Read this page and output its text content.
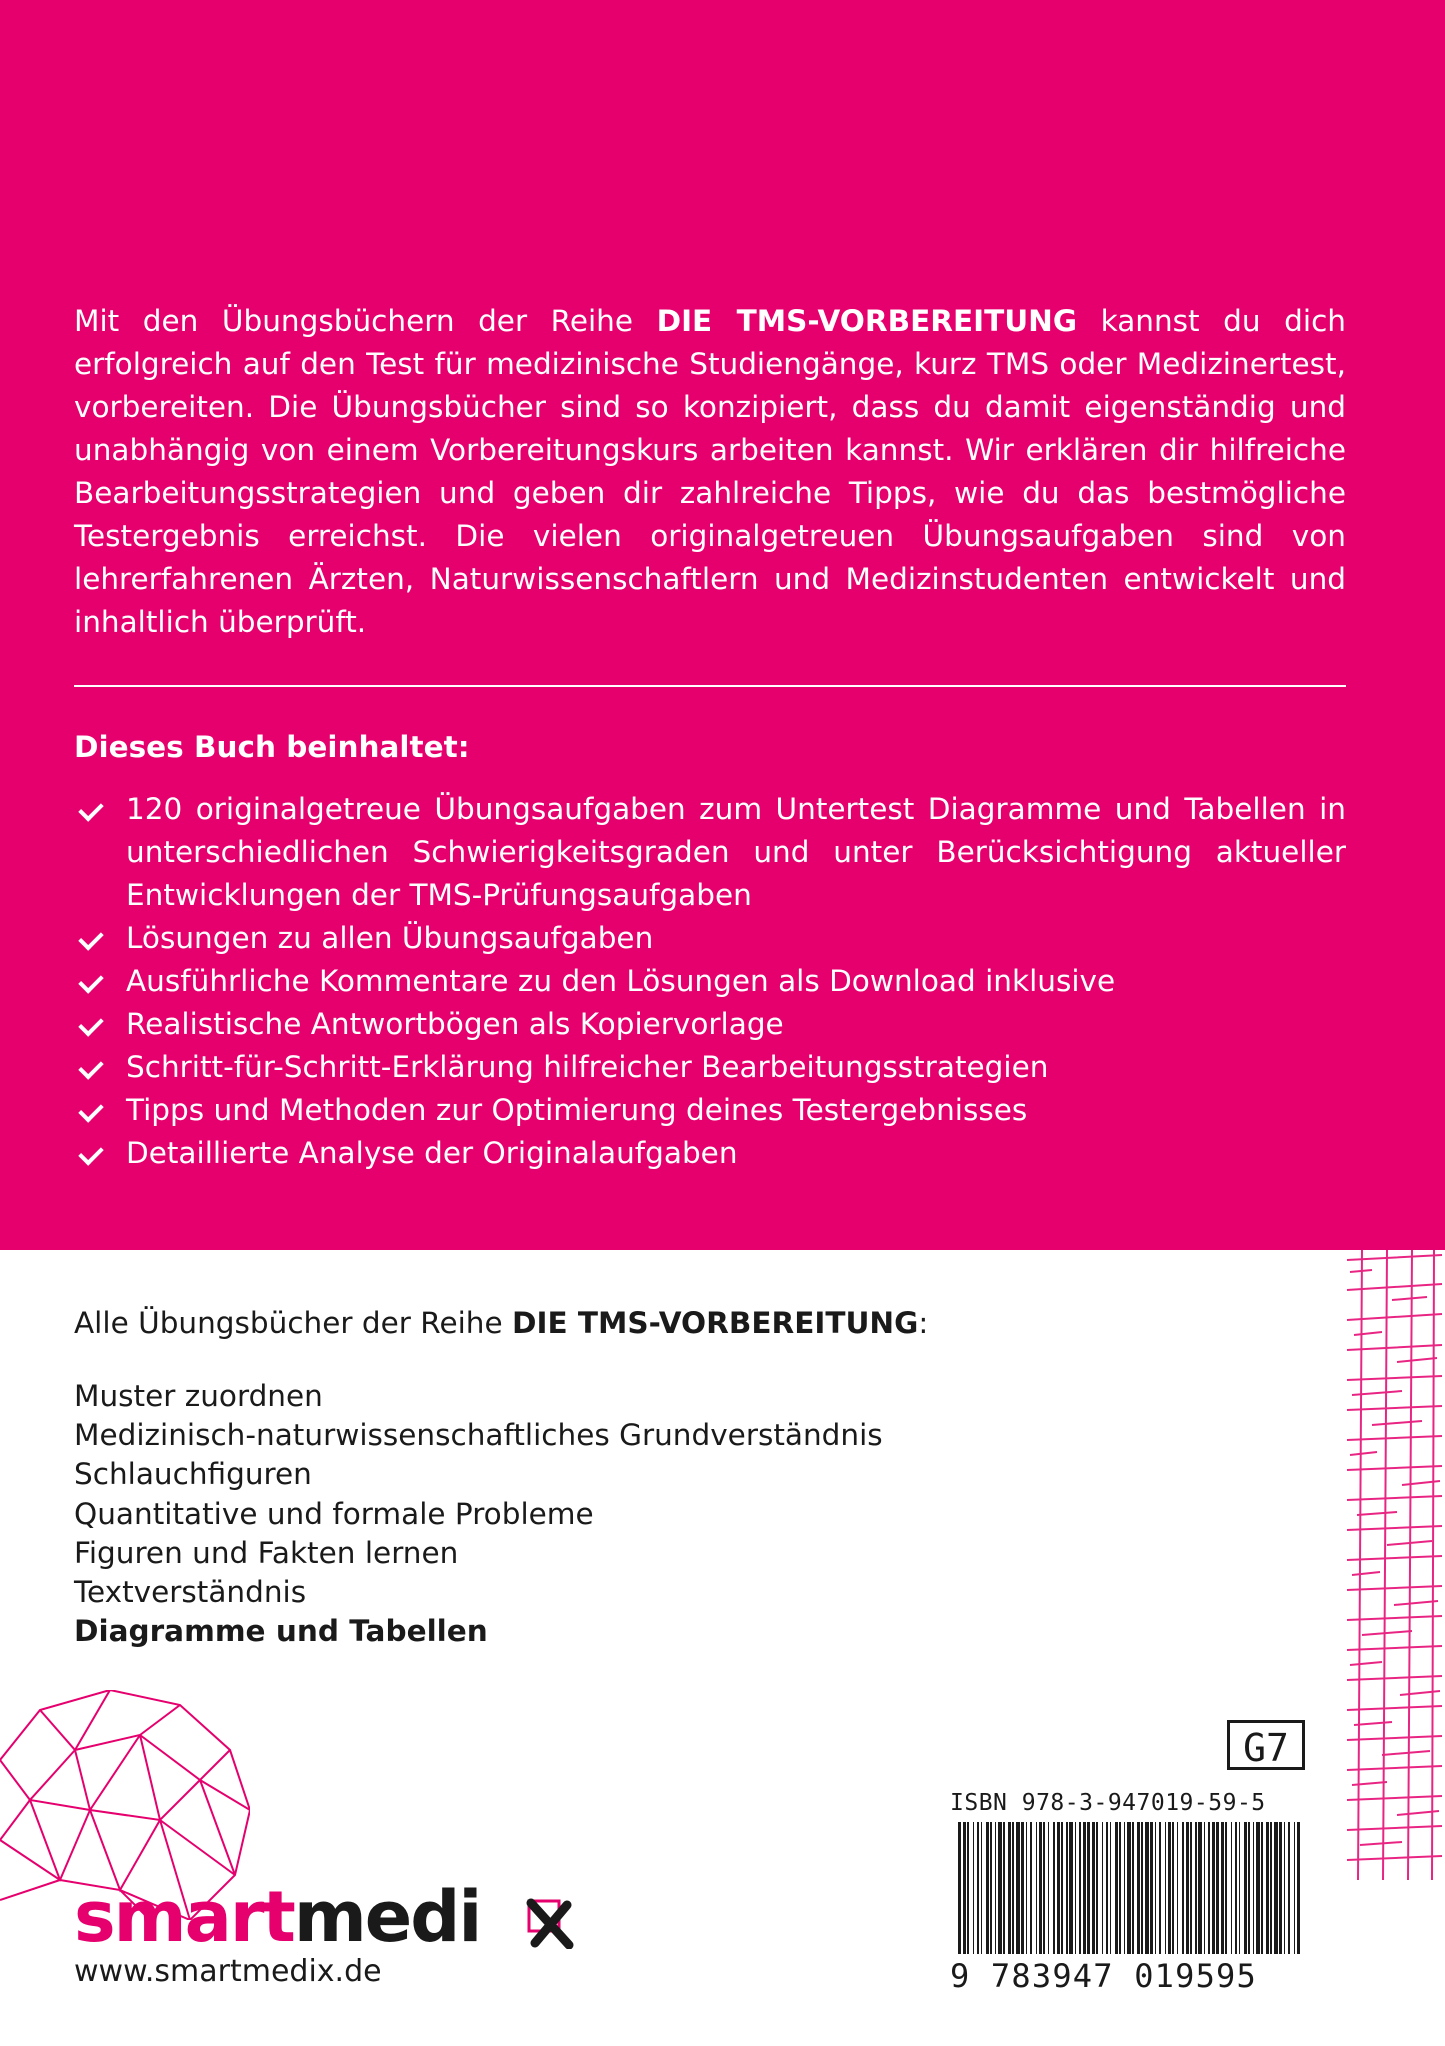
Mit den Übungsbüchern der Reihe DIE TMS-VORBEREITUNG kannst du dich erfolgreich auf den Test für medizinische Studiengänge, kurz TMS oder Medizinertest, vorbereiten. Die Übungsbücher sind so konzipiert, dass du damit eigenständig und unabhängig von einem Vorbereitungskurs arbeiten kannst. Wir erklären dir hilfreiche Bearbeitungsstrategien und geben dir zahlreiche Tipps, wie du das bestmögliche Testergebnis erreichst. Die vielen originalgetreuen Übungsaufgaben sind von lehrerfahrenen Ärzten, Naturwissenschaftlern und Medizinstudenten entwickelt und inhaltlich überprüft.

Dieses Buch beinhaltet:

120 originalgetreue Übungsaufgaben zum Untertest Diagramme und Tabellen in unterschiedlichen Schwierigkeitsgraden und unter Berücksichtigung aktueller Entwicklungen der TMS-Prüfungsaufgaben
Lösungen zu allen Übungsaufgaben
Ausführliche Kommentare zu den Lösungen als Download inklusive
Realistische Antwortbögen als Kopiervorlage
Schritt-für-Schritt-Erklärung hilfreicher Bearbeitungsstrategien
Tipps und Methoden zur Optimierung deines Testergebnisses
Detaillierte Analyse der Originalaufgaben

Alle Übungsbücher der Reihe DIE TMS-VORBEREITUNG:

Muster zuordnen
Medizinisch-naturwissenschaftliches Grundverständnis
Schlauchfiguren
Quantitative und formale Probleme
Figuren und Fakten lernen
Textverständnis
Diagramme und Tabellen
smartmedi
www.smartmedix.de
G7
ISBN 978-3-947019-59-5
9 783947 019595
